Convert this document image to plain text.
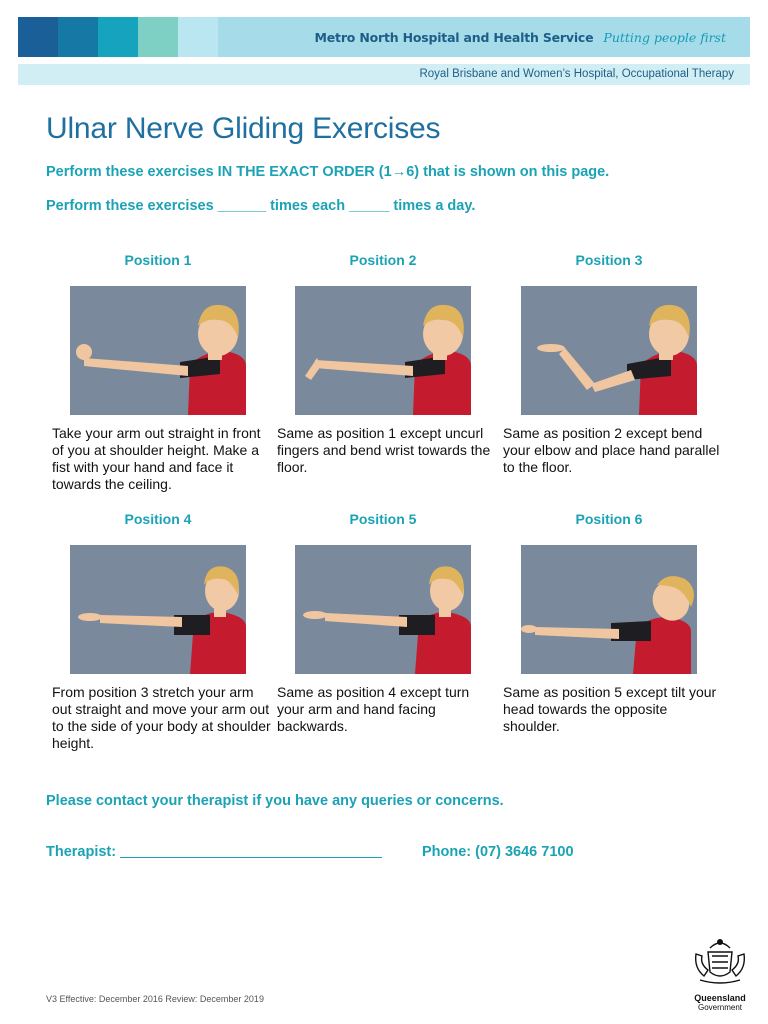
Metro North Hospital and Health Service Putting people first
Royal Brisbane and Women’s Hospital, Occupational Therapy
Ulnar Nerve Gliding Exercises
Perform these exercises IN THE EXACT ORDER (1→6) that is shown on this page.
Perform these exercises ______ times each _____ times a day.
Position 1
Take your arm out straight in front of you at shoulder height. Make a fist with your hand and face it towards the ceiling.
Position 2
Same as position 1 except uncurl fingers and bend wrist towards the floor.
Position 3
Same as position 2 except bend your elbow and place hand parallel to the floor.
Position 4
From position 3 stretch your arm out straight and move your arm out to the side of your body at shoulder height.
Position 5
Same as position 4 except turn your arm and hand facing backwards.
Position 6
Same as position 5 except tilt your head towards the opposite shoulder.
Please contact your therapist if you have any queries or concerns.
Therapist:	Phone: (07) 3646 7100
V3 Effective: December 2016 Review: December 2019	Queensland
Government
